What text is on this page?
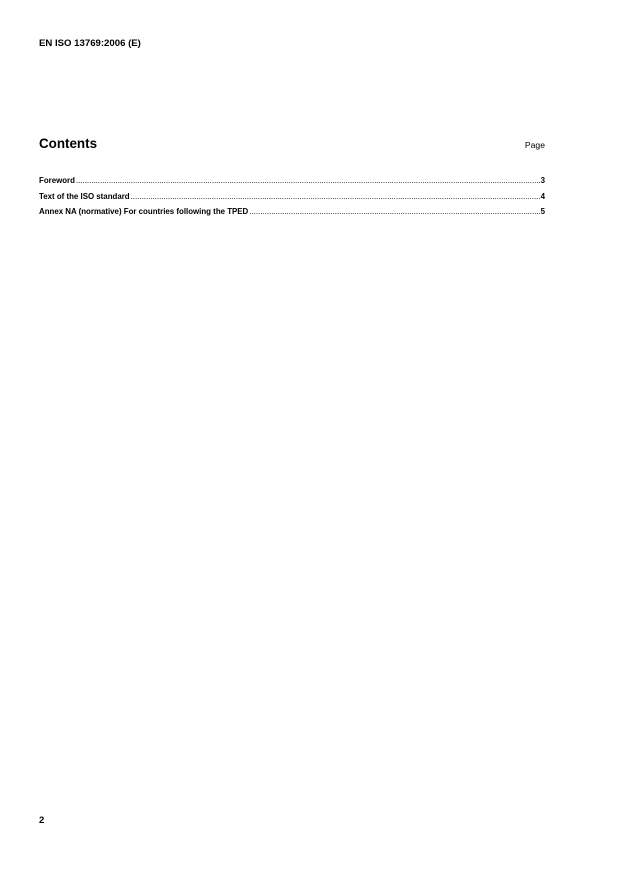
EN ISO 13769:2006 (E)
Contents	Page
Foreword .....	3
Text of the ISO standard .....	4
Annex NA (normative) For countries following the TPED .....	5
2
